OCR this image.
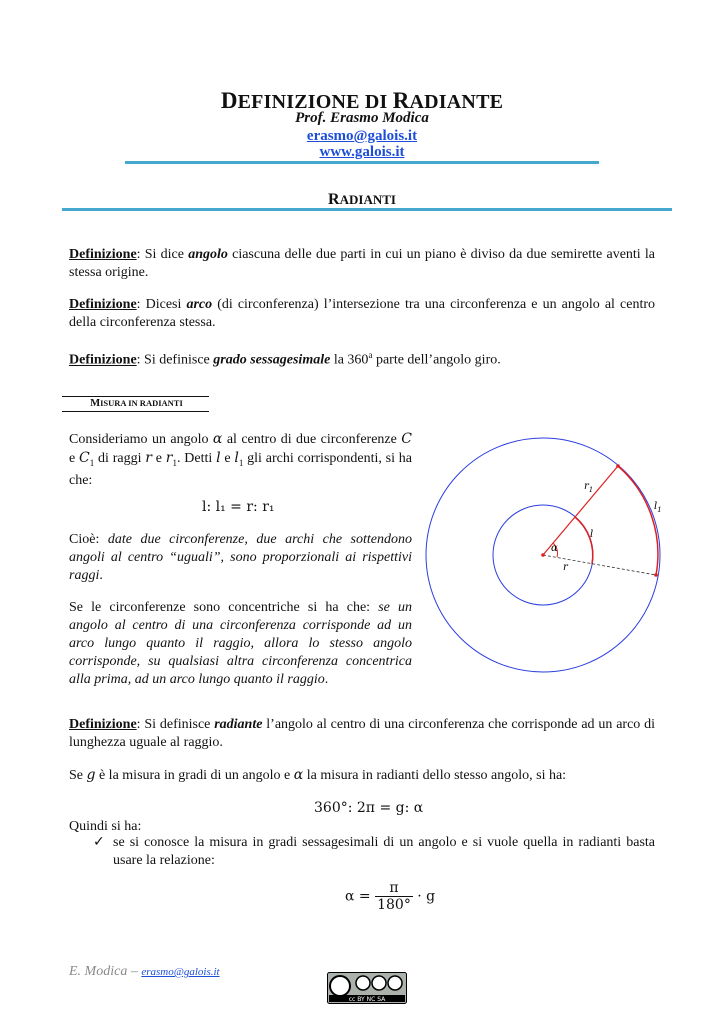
DEFINIZIONE DI RADIANTE
Prof. Erasmo Modica
erasmo@galois.it
www.galois.it
RADIANTI
Definizione: Si dice angolo ciascuna delle due parti in cui un piano è diviso da due semirette aventi la stessa origine.
Definizione: Dicesi arco (di circonferenza) l’intersezione tra una circonferenza e un angolo al centro della circonferenza stessa.
Definizione: Si definisce grado sessagesimale la 360$^a$ parte dell’angolo giro.
MISURA IN RADIANTI
Consideriamo un angolo α al centro di due circonferenze C e $C_1$ di raggi r e $r_1$. Detti l e $l_1$ gli archi corrispondenti, si ha che:
l: l₁ = r: r₁
Cioè: date due circonferenze, due archi che sottendono angoli al centro “uguali”, sono proporzionali ai rispettivi raggi.
Se le circonferenze sono concentriche si ha che: se un angolo al centro di una circonferenza corrisponde ad un arco lungo quanto il raggio, allora lo stesso angolo corrisponde, su qualsiasi altra circonferenza concentrica alla prima, ad un arco lungo quanto il raggio.
$r_1$
$l_1$
l
α
r
Definizione: Si definisce radiante l’angolo al centro di una circonferenza che corrisponde ad un arco di lunghezza uguale al raggio.
Se g è la misura in gradi di un angolo e α la misura in radianti dello stesso angolo, si ha:
360°: 2π = g: α
Quindi si ha:
✓ se si conosce la misura in gradi sessagesimali di un angolo e si vuole quella in radianti basta usare la relazione:
$\alpha = \frac{\pi}{180^\circ} \cdot g$
E. Modica – erasmo@galois.it
cc BY NC SA
